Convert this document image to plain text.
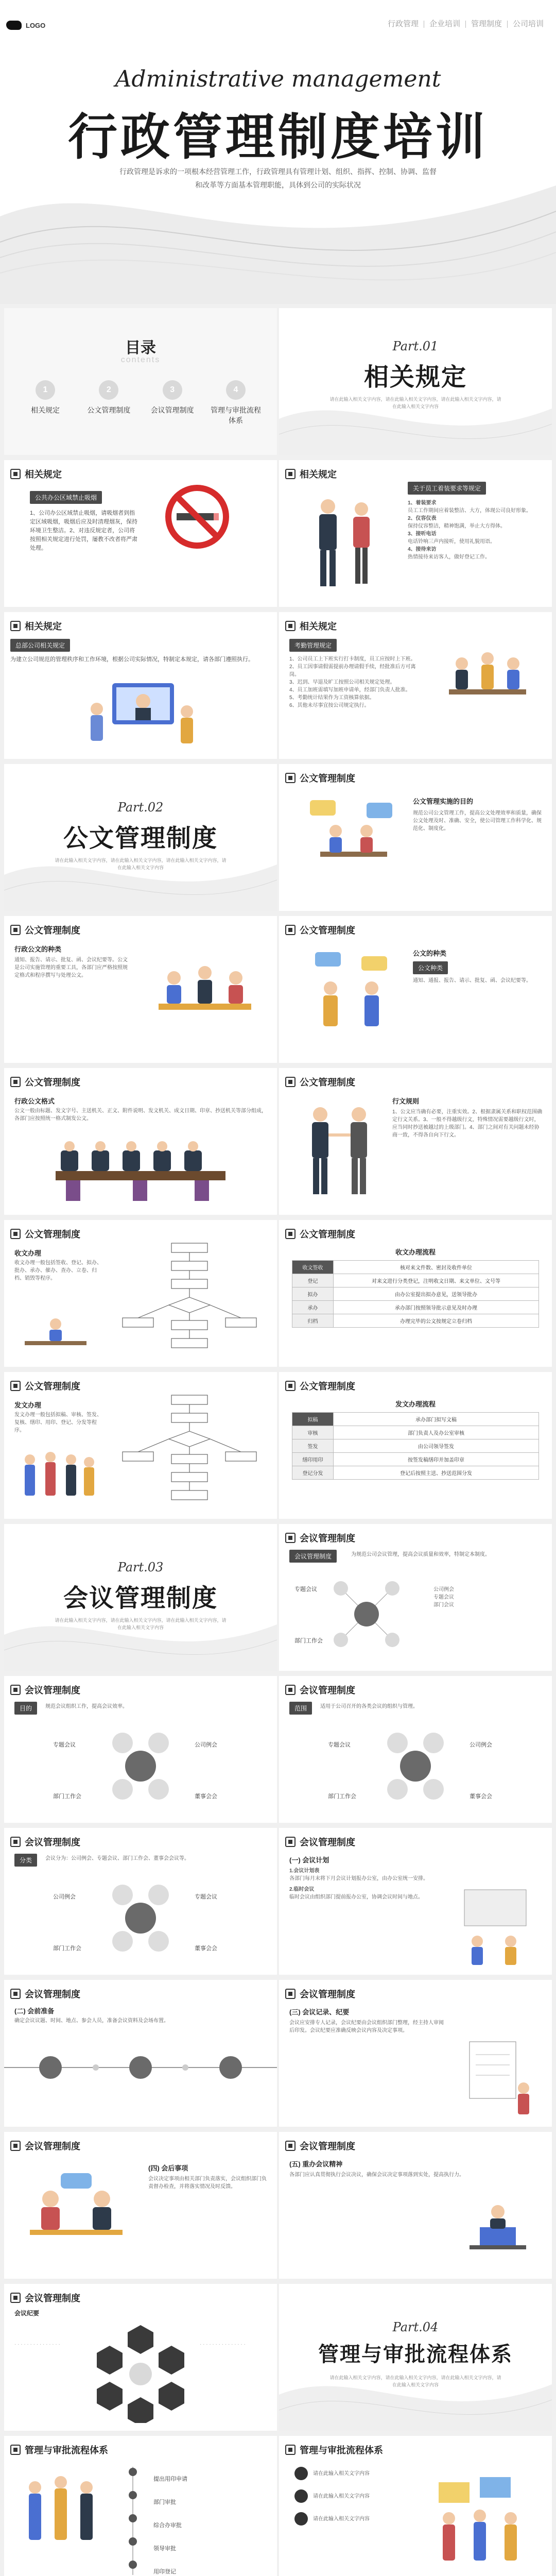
LOGO	行政管理	企业培训	管理制度	公司培训
Administrative management
行政管理制度培训
行政管理是诉求的一项根本经营管理工作，行政管理具有管理计划、组织、指挥、控制、协调、监督和改革等方面基本管理职能，具体到公司的实际状况
目录
contents
1
相关规定
2
公文管理制度
3
会议管理制度
4
管理与审批流程体系
Part.01
相关规定
请在此输入相关文字内容，请在此输入相关文字内容，请在此输入相关文字内容，请在此输入相关文字内容
相关规定
公共办公区域禁止吸烟
1、公司办公区域禁止吸烟，请吸烟者到指定区域吸烟，吸烟后应及时清理烟灰，保持环境卫生整洁。2、对违反规定者，公司将按照相关规定进行处罚，屡教不改者将严肃处理。
相关规定
关于员工着装要求等规定
1、着装要求
员工工作期间应着装整洁、大方，体现公司良好形象。
2、仪容仪表
保持仪容整洁，精神饱满，举止大方得体。
3、接听电话
电话铃响三声内接听，使用礼貌用语。
4、接待来访
热情接待来访客人，做好登记工作。
相关规定
总部公司相关规定
为建立公司规范的管理秩序和工作环境，根据公司实际情况，特制定本规定，请各部门遵照执行。
相关规定
考勤管理规定
1、公司员工上下班实行打卡制度，员工应按时上下班。
2、员工因事请假需提前办理请假手续，经批准后方可离岗。
3、迟到、早退及旷工按照公司相关规定处理。
4、员工加班需填写加班申请单，经部门负责人批准。
5、考勤统计结果作为工资核算依据。
6、其他未尽事宜按公司规定执行。
Part.02
公文管理制度
请在此输入相关文字内容，请在此输入相关文字内容，请在此输入相关文字内容，请在此输入相关文字内容
公文管理制度
公文管理实施的目的
规范公司公文管理工作，提高公文处理效率和质量，确保公文处理及时、准确、安全，使公司管理工作科学化、规范化、制度化。
公文管理制度
行政公文的种类
通知、报告、请示、批复、函、会议纪要等。公文是公司实施管理的重要工具，各部门应严格按照规定格式和程序撰写与处理公文。
公文管理制度
公文的种类
公文种类
通知、通报、报告、请示、批复、函、会议纪要等。
公文管理制度
行政公文格式
公文一般由标题、发文字号、主送机关、正文、附件说明、发文机关、成文日期、印章、抄送机关等部分组成，各部门应按照统一格式制发公文。
公文管理制度
行文规则
1、公文应当确有必要，注重实效。2、根据隶属关系和职权范围确定行文关系。3、一般不得越级行文，特殊情况需要越级行文时，应当同时抄送被越过的上级部门。4、部门之间对有关问题未经协商一致，不得各自向下行文。
公文管理制度
收文办理
收文办理一般包括签收、登记、拟办、批办、承办、催办、查办、立卷、归档、销毁等程序。
公文管理制度
收文办理流程
收文签收	核对来文件数、密封及收件单位
登记	对来文进行分类登记，注明收文日期、来文单位、文号等
拟办	由办公室提出拟办意见，送领导批办
承办	承办部门按照领导批示意见及时办理
归档	办理完毕的公文按规定立卷归档
公文管理制度
发文办理
发文办理一般包括拟稿、审核、签发、复核、缮印、用印、登记、分发等程序。
公文管理制度
发文办理流程
拟稿	承办部门拟写文稿
审核	部门负责人及办公室审核
签发	由公司领导签发
缮印用印	按签发稿缮印并加盖印章
登记分发	登记后按照主送、抄送范围分发
Part.03
会议管理制度
请在此输入相关文字内容，请在此输入相关文字内容，请在此输入相关文字内容，请在此输入相关文字内容
会议管理制度
会议管理制度	为规范公司会议管理，提高会议质量和效率，特制定本制度。
专题会议
部门工作会
公司例会
专题会议
部门会议
会议管理制度
目的	规范会议组织工作，提高会议效率。
专题会议	公司例会
部门工作会	董事会会
会议管理制度
范围	适用于公司召开的各类会议的组织与管理。
专题会议	公司例会
部门工作会	董事会会
会议管理制度
分类	会议分为：公司例会、专题会议、部门工作会、董事会会议等。
公司例会	专题会议
部门工作会	董事会会
会议管理制度
(一) 会议计划
1.会议计划表
各部门每月末将下月会议计划报办公室，由办公室统一安排。
2.临时会议
临时会议由组织部门提前报办公室，协调会议时间与地点。
会议管理制度
(二) 会前准备
确定会议议题、时间、地点、参会人员，准备会议资料及会场布置。
会议管理制度
(三) 会议记录、纪要
会议应安排专人记录，会议纪要由会议组织部门整理，经主持人审阅后印发。会议纪要应准确反映会议内容及决定事项。
会议管理制度
(四) 会后事项
会议决定事项由相关部门负责落实，会议组织部门负责督办检查，并将落实情况及时反馈。
会议管理制度
(五) 重办会议精神
各部门应认真贯彻执行会议决议，确保会议决定事项落到实处，提高执行力。
会议管理制度
会议纪要
· · · · · · · · · · · · · · ·	· · · · · · · · · · · · · · ·
Part.04
管理与审批流程体系
请在此输入相关文字内容，请在此输入相关文字内容，请在此输入相关文字内容，请在此输入相关文字内容
管理与审批流程体系
提出用印申请
部门审批
综合办审批
领导审批
用印登记
管理与审批流程体系
请在此输入相关文字内容
请在此输入相关文字内容
请在此输入相关文字内容
